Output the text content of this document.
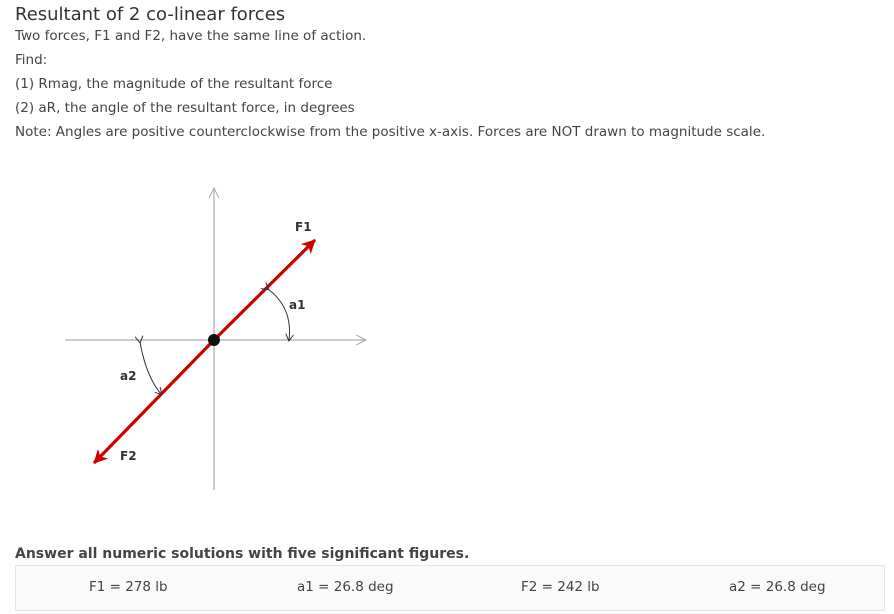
Resultant of 2 co-linear forces

Two forces, F1 and F2, have the same line of action.

Find:

(1) Rmag, the magnitude of the resultant force

(2) aR, the angle of the resultant force, in degrees

Note: Angles are positive counterclockwise from the positive x-axis. Forces are NOT drawn to magnitude scale.

F1
a1
a2
F2

Answer all numeric solutions with five significant figures.

F1 = 278 lb	a1 = 26.8 deg	F2 = 242 lb	a2 = 26.8 deg
